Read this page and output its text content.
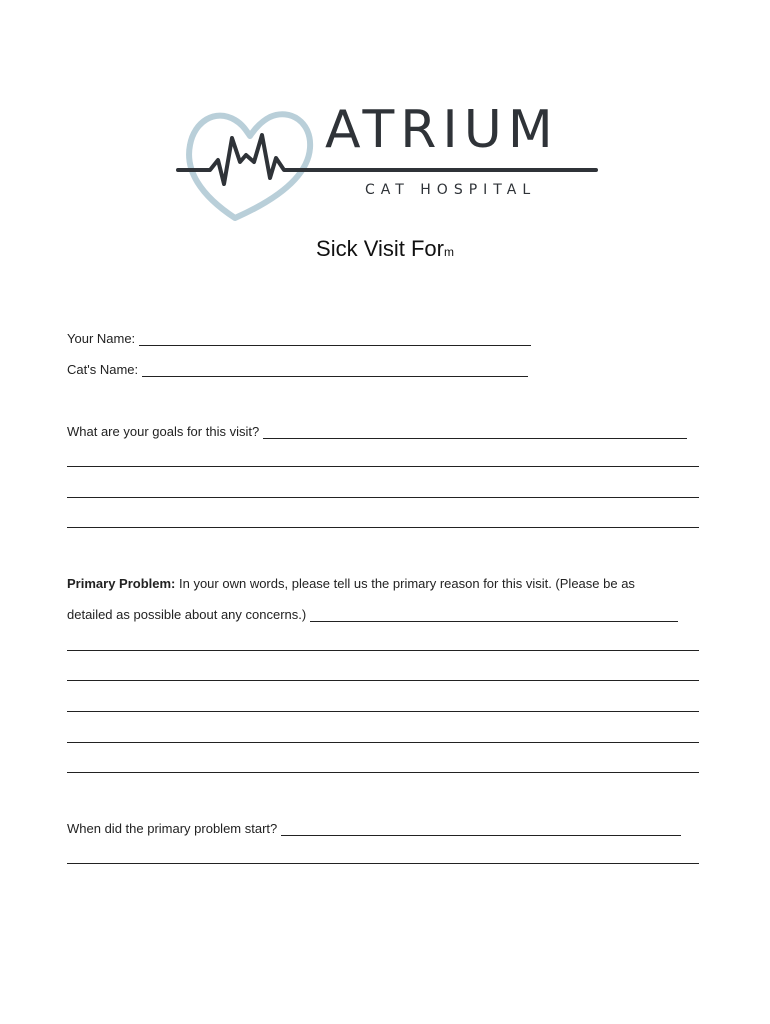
ATRIUM
CAT HOSPITAL
Sick Visit Form
Your Name:
Cat's Name:
What are your goals for this visit?
Primary Problem: In your own words, please tell us the primary reason for this visit. (Please be as
detailed as possible about any concerns.)
When did the primary problem start?
